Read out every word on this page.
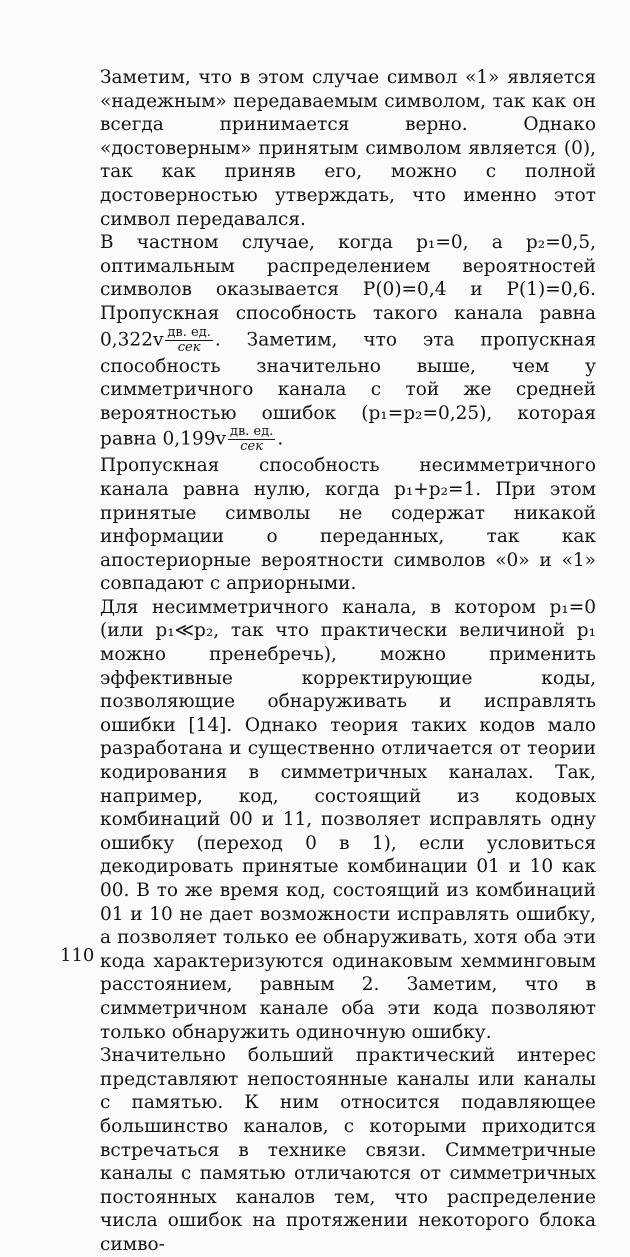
Заметим, что в этом случае символ «1» является «надежным» передаваемым символом, так как он всегда принимается верно. Однако «достоверным» принятым символом является (0), так как приняв его, можно с полной достоверностью утверждать, что именно этот символ передавался.

В частном случае, когда p₁=0, а p₂=0,5, оптимальным распределением вероятностей символов оказывается P(0)=0,4 и P(1)=0,6. Пропускная способность такого канала равна $0,322v \frac{дв. ед.}{\text{сек}}$ . Заметим, что эта пропускная способность значительно выше, чем у симметричного канала с той же средней вероятностью ошибок (p₁=p₂=0,25), которая равна $0,199v \frac{дв. ед.}{\text{сек}}$ .

Пропускная способность несимметричного канала равна нулю, когда p₁+p₂=1. При этом принятые символы не содержат никакой информации о переданных, так как апостериорные вероятности символов «0» и «1» совпадают с априорными.

Для несимметричного канала, в котором p₁=0 (или p₁≪p₂, так что практически величиной p₁ можно пренебречь), можно применить эффективные корректирующие коды, позволяющие обнаруживать и исправлять ошибки [14]. Однако теория таких кодов мало разработана и существенно отличается от теории кодирования в симметричных каналах. Так, например, код, состоящий из кодовых комбинаций 00 и 11, позволяет исправлять одну ошибку (переход 0 в 1), если условиться декодировать принятые комбинации 01 и 10 как 00. В то же время код, состоящий из комбинаций 01 и 10 не дает возможности исправлять ошибку, а позволяет только ее обнаруживать, хотя оба эти кода характеризуются одинаковым хемминговым расстоянием, равным 2. Заметим, что в симметричном канале оба эти кода позволяют только обнаружить одиночную ошибку.

Значительно больший практический интерес представляют непостоянные каналы или каналы с памятью. К ним относится подавляющее большинство каналов, с которыми приходится встречаться в технике связи. Симметричные каналы с памятью отличаются от симметричных постоянных каналов тем, что распределение числа ошибок на протяжении некоторого блока симво-

110
